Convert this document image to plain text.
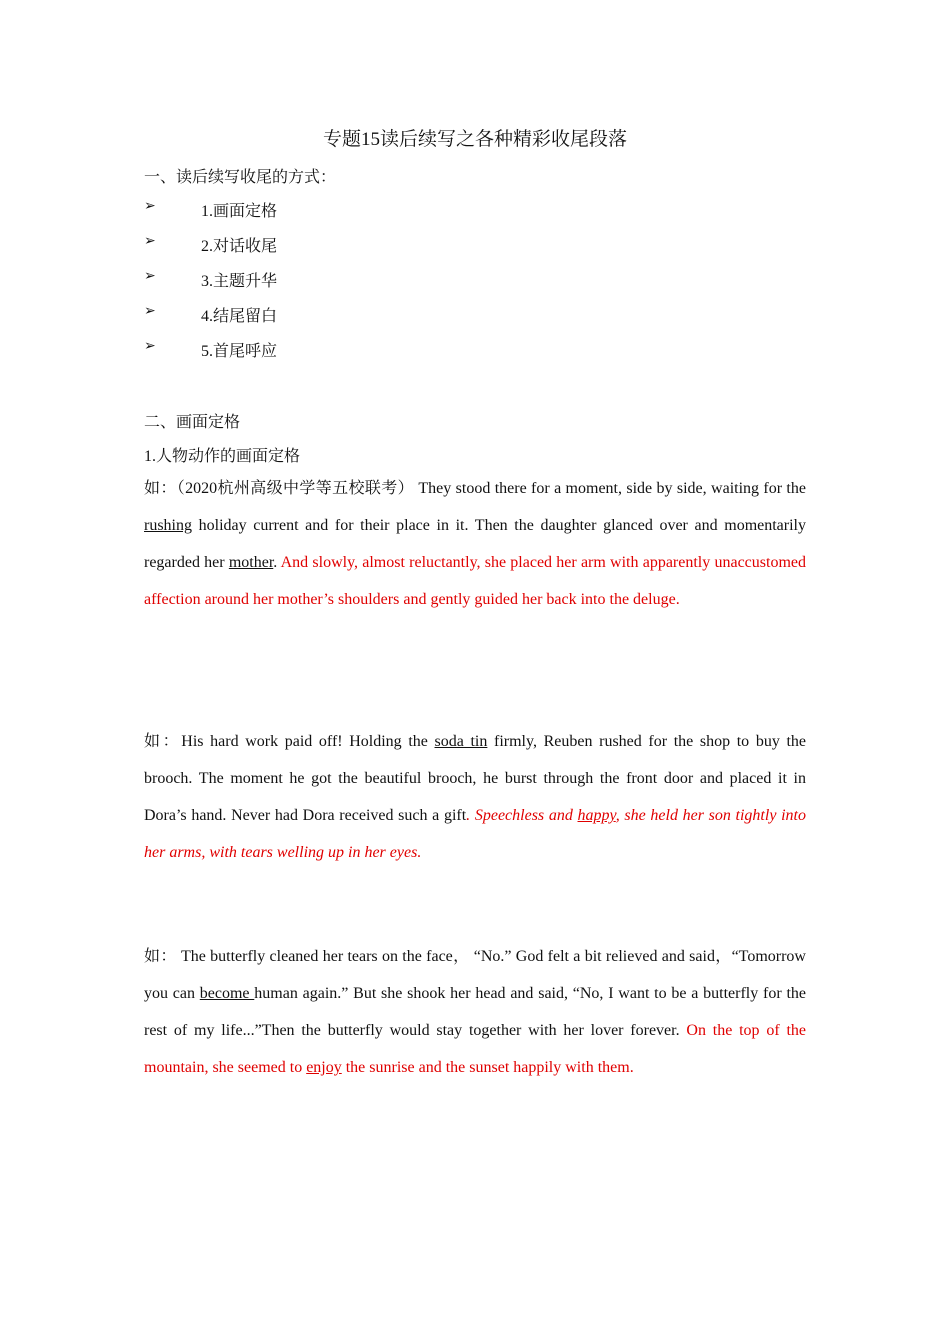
专题15读后续写之各种精彩收尾段落
一、读后续写收尾的方式：
➢	1.画面定格
➢	2.对话收尾
➢	3.主题升华
➢	4.结尾留白
➢	5.首尾呼应
二、画面定格
1.人物动作的画面定格
如：（2020杭州高级中学等五校联考） They stood there for a moment, side by side, waiting for the rushing holiday current and for their place in it. Then the daughter glanced over and momentarily regarded her mother. And slowly, almost reluctantly, she placed her arm with apparently unaccustomed affection around her mother’s shoulders and gently guided her back into the deluge.
如：His hard work paid off! Holding the soda tin firmly, Reuben rushed for the shop to buy the brooch. The moment he got the beautiful brooch, he burst through the front door and placed it in Dora’s hand. Never had Dora received such a gift. Speechless and happy, she held her son tightly into her arms, with tears welling up in her eyes.
如： The butterfly cleaned her tears on the face， “No.” God felt a bit relieved and said，“Tomorrow you can become human again.” But she shook her head and said, “No, I want to be a butterfly for the rest of my life...”Then the butterfly would stay together with her lover forever. On the top of the mountain, she seemed to enjoy the sunrise and the sunset happily with them.
